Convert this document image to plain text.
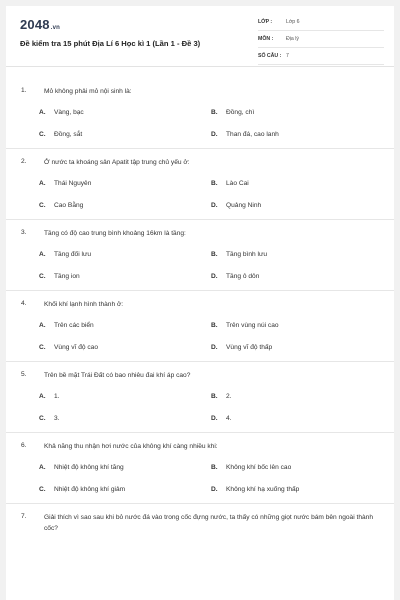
2048.vn
Đề kiểm tra 15 phút Địa Lí 6 Học kì 1 (Lần 1 - Đề 3)
LỚP :	Lớp 6
MÔN : Địa lý
SỐ CÂU : 7
1.	Mỏ không phải mỏ nội sinh là:
A. Vàng, bạc	B. Đồng, chì
C. Đồng, sắt	D. Than đá, cao lanh
2.	Ở nước ta khoáng sản Apatit tập trung chủ yếu ở:
A. Thái Nguyên	B. Lào Cai
C. Cao Bằng	D. Quảng Ninh
3.	Tầng có độ cao trung bình khoảng 16km là tầng:
A. Tầng đối lưu	B. Tầng bình lưu
C. Tầng ion	D. Tầng ô dôn
4.	Khối khí lạnh hình thành ở:
A. Trên các biển	B. Trên vùng núi cao
C. Vùng vĩ độ cao	D. Vùng vĩ độ thấp
5.	Trên bề mặt Trái Đất có bao nhiêu đai khí áp cao?
A. 1.	B. 2.
C. 3.	D. 4.
6.	Khả năng thu nhận hơi nước của không khí càng nhiều khi:
A. Nhiệt độ không khí tăng	B. Không khí bốc lên cao
C. Nhiệt độ không khí giảm	D. Không khí hạ xuống thấp
7.	Giải thích vì sao sau khi bỏ nước đá vào trong cốc đựng nước, ta thấy có những giọt nước bám bên ngoài thành cốc?
